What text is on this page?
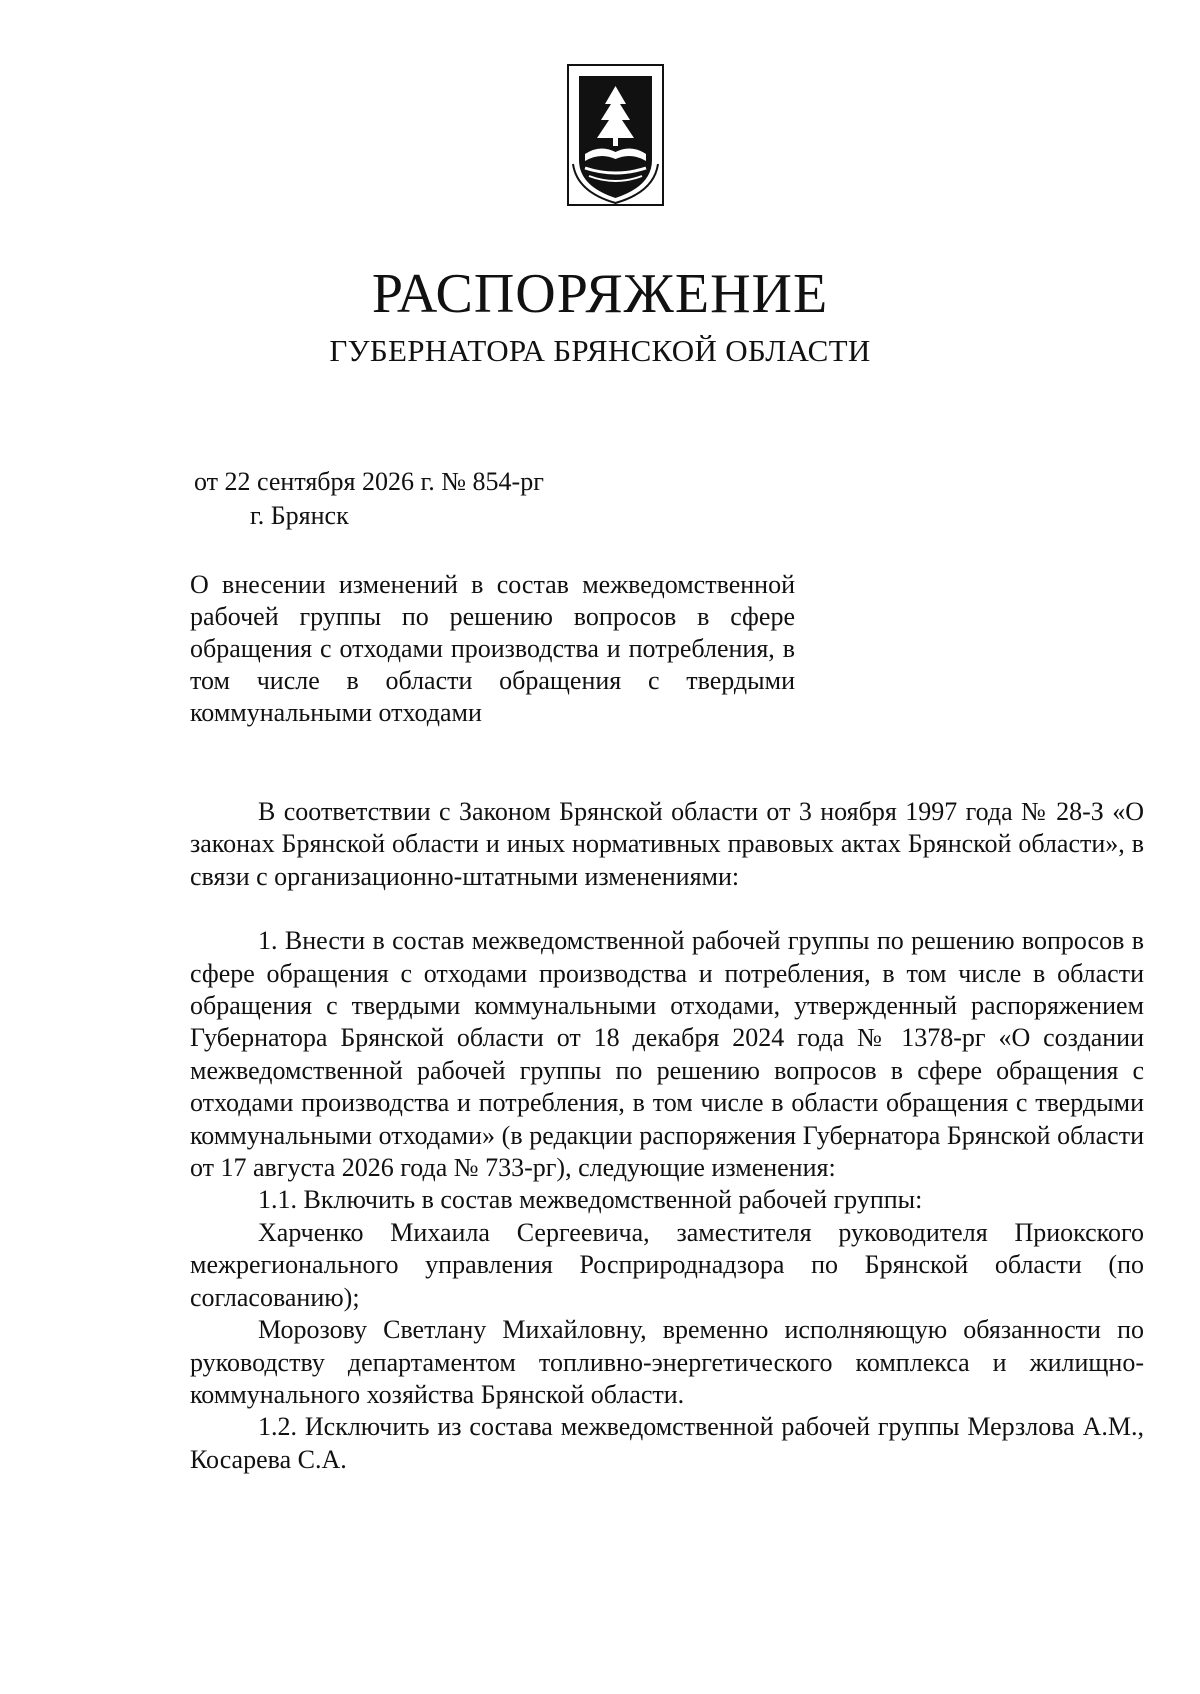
РАСПОРЯЖЕНИЕ
ГУБЕРНАТОРА БРЯНСКОЙ ОБЛАСТИ
от 22 сентября 2026 г. № 854-рг
г. Брянск
О внесении изменений в состав межведомственной рабочей группы по решению вопросов в сфере обращения с отходами производства и потребления, в том числе в области обращения с твердыми коммунальными отходами

В соответствии с Законом Брянской области от 3 ноября 1997 года № 28-З «О законах Брянской области и иных нормативных правовых актах Брянской области», в связи с организационно-штатными изменениями:

1. Внести в состав межведомственной рабочей группы по решению вопросов в сфере обращения с отходами производства и потребления, в том числе в области обращения с твердыми коммунальными отходами, утвержденный распоряжением Губернатора Брянской области от 18 декабря 2024 года № 1378-рг «О создании межведомственной рабочей группы по решению вопросов в сфере обращения с отходами производства и потребления, в том числе в области обращения с твердыми коммунальными отходами» (в редакции распоряжения Губернатора Брянской области от 17 августа 2026 года № 733-рг), следующие изменения:

1.1. Включить в состав межведомственной рабочей группы:

Харченко Михаила Сергеевича, заместителя руководителя Приокского межрегионального управления Росприроднадзора по Брянской области (по согласованию);

Морозову Светлану Михайловну, временно исполняющую обязанности по руководству департаментом топливно-энергетического комплекса и жилищно-коммунального хозяйства Брянской области.

1.2. Исключить из состава межведомственной рабочей группы Мерзлова А.М., Косарева С.А.
